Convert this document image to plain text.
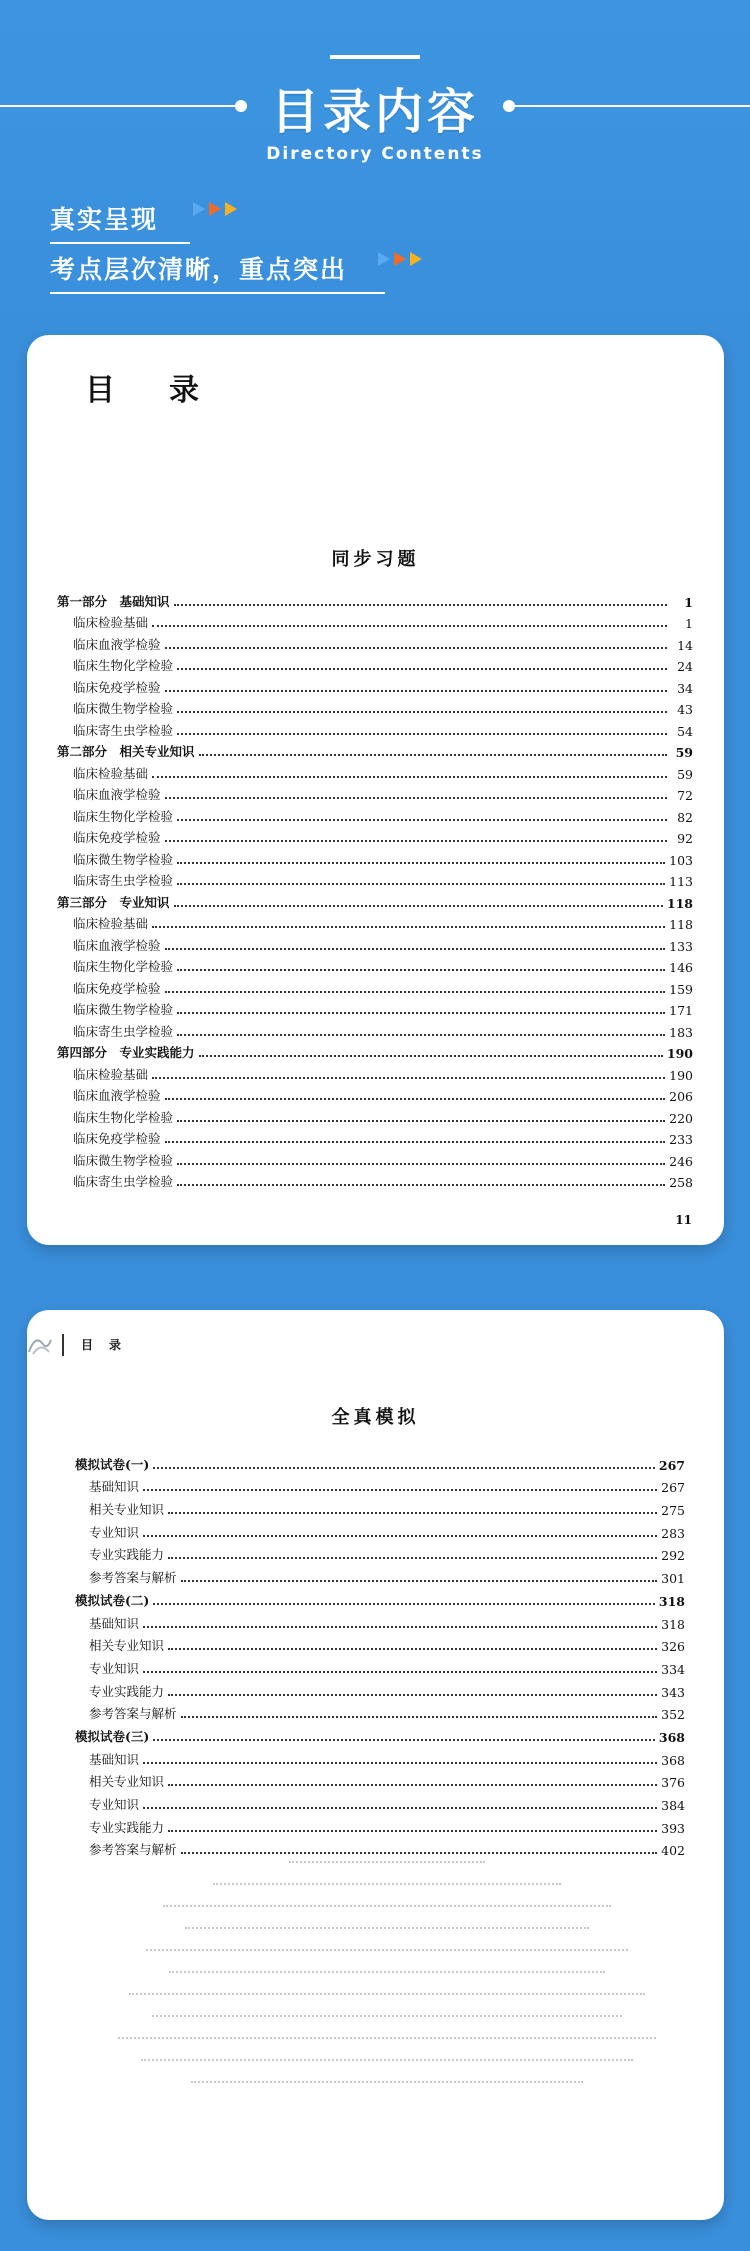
目录内容
Directory Contents
真实呈现
考点层次清晰，重点突出
目录
同步习题
第一部分　基础知识	1
临床检验基础	1
临床血液学检验	14
临床生物化学检验	24
临床免疫学检验	34
临床微生物学检验	43
临床寄生虫学检验	54
第二部分　相关专业知识	59
临床检验基础	59
临床血液学检验	72
临床生物化学检验	82
临床免疫学检验	92
临床微生物学检验	103
临床寄生虫学检验	113
第三部分　专业知识	118
临床检验基础	118
临床血液学检验	133
临床生物化学检验	146
临床免疫学检验	159
临床微生物学检验	171
临床寄生虫学检验	183
第四部分　专业实践能力	190
临床检验基础	190
临床血液学检验	206
临床生物化学检验	220
临床免疫学检验	233
临床微生物学检验	246
临床寄生虫学检验	258
11
目录
全真模拟
模拟试卷(一)	267
基础知识	267
相关专业知识	275
专业知识	283
专业实践能力	292
参考答案与解析	301
模拟试卷(二)	318
基础知识	318
相关专业知识	326
专业知识	334
专业实践能力	343
参考答案与解析	352
模拟试卷(三)	368
基础知识	368
相关专业知识	376
专业知识	384
专业实践能力	393
参考答案与解析	402
